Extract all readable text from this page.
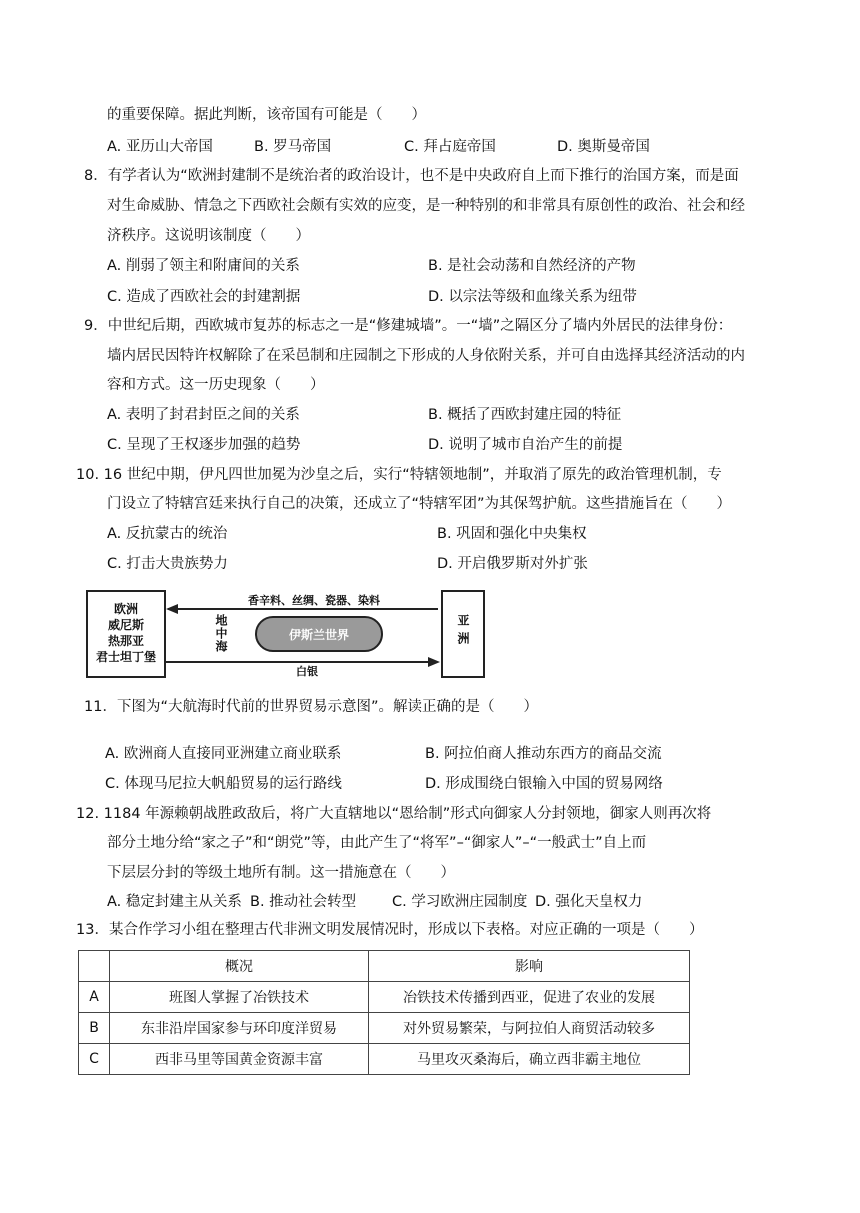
的重要保障。据此判断，该帝国有可能是（　　）
A. 亚历山大帝国	B. 罗马帝国	C. 拜占庭帝国	D. 奥斯曼帝国
8．有学者认为“欧洲封建制不是统治者的政治设计，也不是中央政府自上而下推行的治国方案，而是面
对生命威胁、情急之下西欧社会颇有实效的应变，是一种特别的和非常具有原创性的政治、社会和经
济秩序。这说明该制度（　　）
A. 削弱了领主和附庸间的关系	B. 是社会动荡和自然经济的产物
C. 造成了西欧社会的封建割据	D. 以宗法等级和血缘关系为纽带
9．中世纪后期，西欧城市复苏的标志之一是“修建城墙”。一“墙”之隔区分了墙内外居民的法律身份：
墙内居民因特许权解除了在采邑制和庄园制之下形成的人身依附关系，并可自由选择其经济活动的内
容和方式。这一历史现象（　　）
A. 表明了封君封臣之间的关系	B. 概括了西欧封建庄园的特征
C. 呈现了王权逐步加强的趋势	D. 说明了城市自治产生的前提
10. 16 世纪中期，伊凡四世加冕为沙皇之后，实行“特辖领地制”，并取消了原先的政治管理机制，专
门设立了特辖宫廷来执行自己的决策，还成立了“特辖军团”为其保驾护航。这些措施旨在（　　）
A. 反抗蒙古的统治	B. 巩固和强化中央集权
C. 打击大贵族势力	D. 开启俄罗斯对外扩张
欧洲
威尼斯
热那亚
君士坦丁堡
亚洲
香辛料、丝绸、瓷器、染料
伊斯兰世界
地中海
白银
11．下图为“大航海时代前的世界贸易示意图”。解读正确的是（　　）
A. 欧洲商人直接同亚洲建立商业联系	B. 阿拉伯商人推动东西方的商品交流
C. 体现马尼拉大帆船贸易的运行路线	D. 形成围绕白银输入中国的贸易网络
12. 1184 年源赖朝战胜政敌后，将广大直辖地以“恩给制”形式向御家人分封领地，御家人则再次将
部分土地分给“家之子”和“朗党”等，由此产生了“将军”–“御家人”–“一般武士”自上而
下层层分封的等级土地所有制。这一措施意在（　　）
A. 稳定封建主从关系 B. 推动社会转型 C. 学习欧洲庄园制度 D. 强化天皇权力
13．某合作学习小组在整理古代非洲文明发展情况时，形成以下表格。对应正确的一项是（　　）
	概况	影响
A	班图人掌握了冶铁技术	冶铁技术传播到西亚，促进了农业的发展
B	东非沿岸国家参与环印度洋贸易	对外贸易繁荣，与阿拉伯人商贸活动较多
C	西非马里等国黄金资源丰富	马里攻灭桑海后，确立西非霸主地位
